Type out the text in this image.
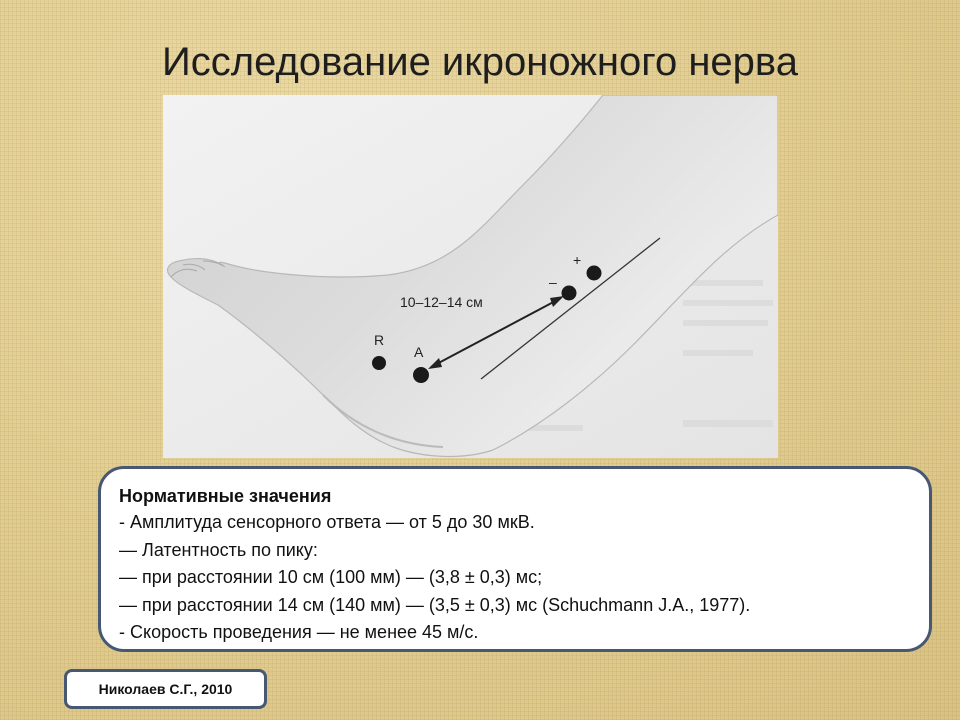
Исследование икроножного нерва
10–12–14 см
R
A
–
+
Нормативные значения
- Амплитуда сенсорного ответа — от 5 до 30 мкВ.
— Латентность по пику:
— при расстоянии 10 см (100 мм) — (3,8 ± 0,3) мс;
— при расстоянии 14 см (140 мм) — (3,5 ± 0,3) мс (Schuchmann J.A., 1977).
- Скорость проведения — не менее 45 м/с.
Николаев С.Г., 2010
